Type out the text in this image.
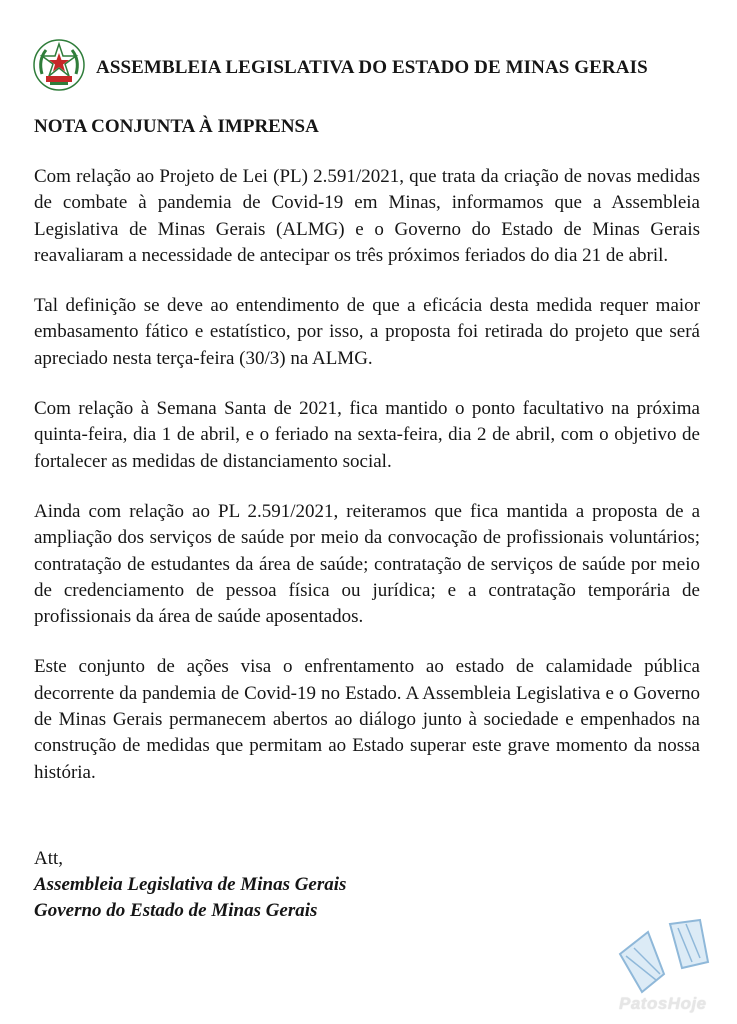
ASSEMBLEIA LEGISLATIVA DO ESTADO DE MINAS GERAIS
NOTA CONJUNTA À IMPRENSA

Com relação ao Projeto de Lei (PL) 2.591/2021, que trata da criação de novas medidas de combate à pandemia de Covid-19 em Minas, informamos que a Assembleia Legislativa de Minas Gerais (ALMG) e o Governo do Estado de Minas Gerais reavaliaram a necessidade de antecipar os três próximos feriados do dia 21 de abril.

Tal definição se deve ao entendimento de que a eficácia desta medida requer maior embasamento fático e estatístico, por isso, a proposta foi retirada do projeto que será apreciado nesta terça-feira (30/3) na ALMG.

Com relação à Semana Santa de 2021, fica mantido o ponto facultativo na próxima quinta-feira, dia 1 de abril, e o feriado na sexta-feira, dia 2 de abril, com o objetivo de fortalecer as medidas de distanciamento social.

Ainda com relação ao PL 2.591/2021, reiteramos que fica mantida a proposta de a ampliação dos serviços de saúde por meio da convocação de profissionais voluntários; contratação de estudantes da área de saúde; contratação de serviços de saúde por meio de credenciamento de pessoa física ou jurídica; e a contratação temporária de profissionais da área de saúde aposentados.

Este conjunto de ações visa o enfrentamento ao estado de calamidade pública decorrente da pandemia de Covid-19 no Estado. A Assembleia Legislativa e o Governo de Minas Gerais permanecem abertos ao diálogo junto à sociedade e empenhados na construção de medidas que permitam ao Estado superar este grave momento da nossa história.

Att,
Assembleia Legislativa de Minas Gerais
Governo do Estado de Minas Gerais
PatosHoje
